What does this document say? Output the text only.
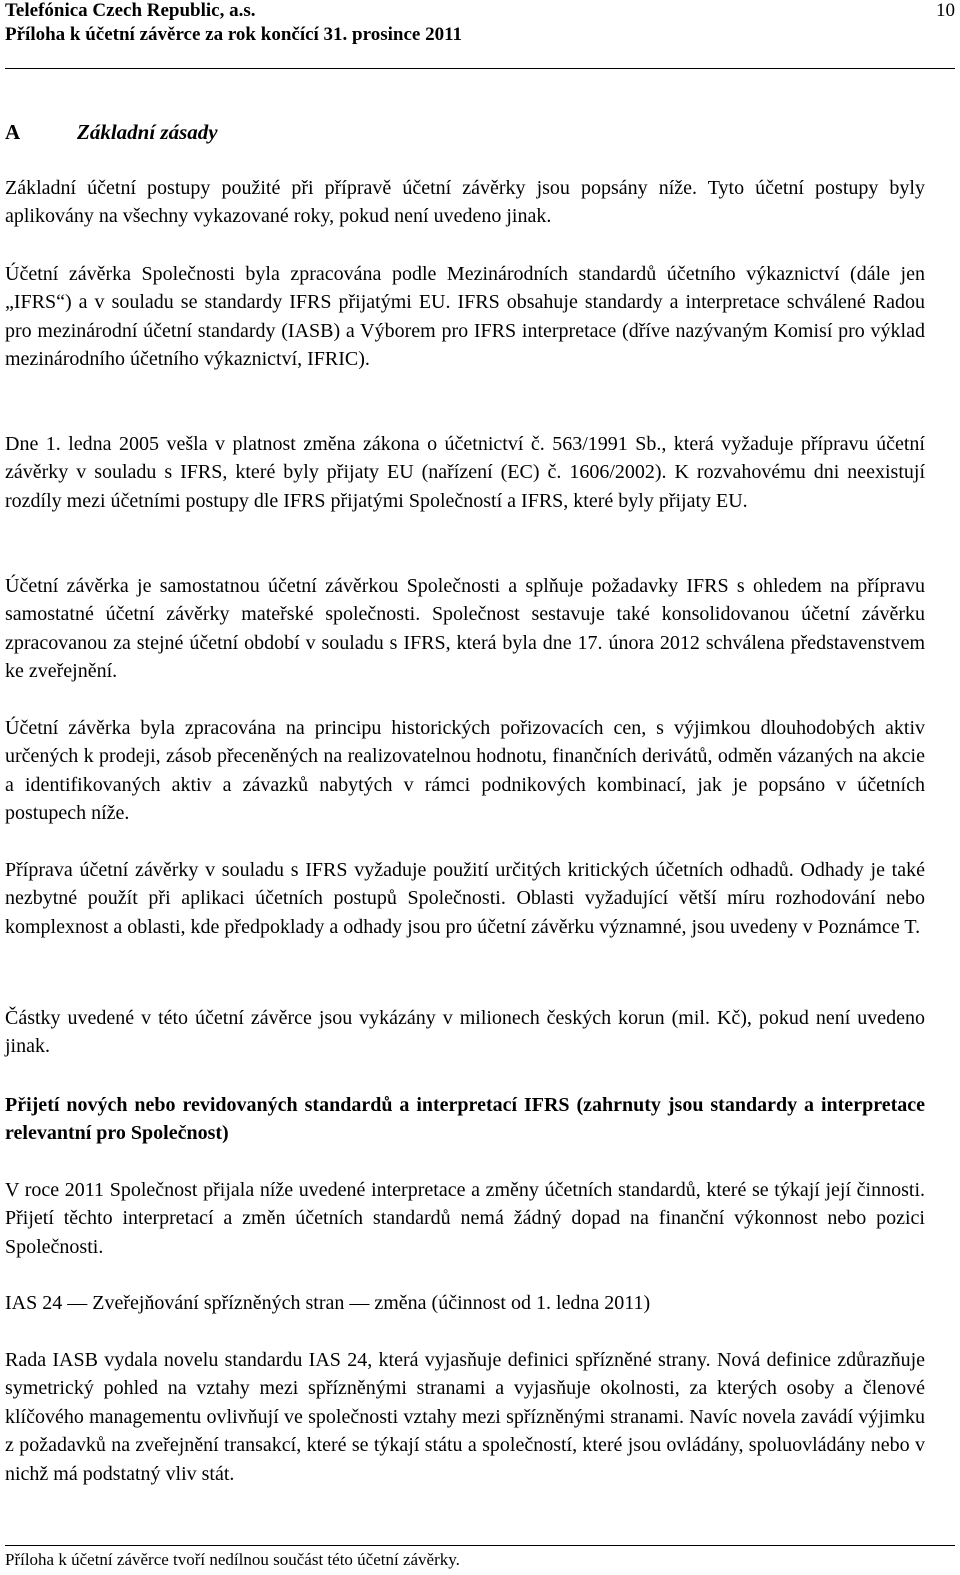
Telefónica Czech Republic, a.s.
Příloha k účetní závěrce za rok končící 31. prosince 2011
10
A	Základní zásady

Základní účetní postupy použité při přípravě účetní závěrky jsou popsány níže. Tyto účetní postupy byly aplikovány na všechny vykazované roky, pokud není uvedeno jinak.

Účetní závěrka Společnosti byla zpracována podle Mezinárodních standardů účetního výkaznictví (dále jen „IFRS“) a v souladu se standardy IFRS přijatými EU. IFRS obsahuje standardy a interpretace schválené Radou pro mezinárodní účetní standardy (IASB) a Výborem pro IFRS interpretace (dříve nazývaným Komisí pro výklad mezinárodního účetního výkaznictví, IFRIC).

Dne 1. ledna 2005 vešla v platnost změna zákona o účetnictví č. 563/1991 Sb., která vyžaduje přípravu účetní závěrky v souladu s IFRS, které byly přijaty EU (nařízení (EC) č. 1606/2002). K rozvahovému dni neexistují rozdíly mezi účetními postupy dle IFRS přijatými Společností a IFRS, které byly přijaty EU.

Účetní závěrka je samostatnou účetní závěrkou Společnosti a splňuje požadavky IFRS s ohledem na přípravu samostatné účetní závěrky mateřské společnosti. Společnost sestavuje také konsolidovanou účetní závěrku zpracovanou za stejné účetní období v souladu s IFRS, která byla dne 17. února 2012 schválena představenstvem ke zveřejnění.

Účetní závěrka byla zpracována na principu historických pořizovacích cen, s výjimkou dlouhodobých aktiv určených k prodeji, zásob přeceněných na realizovatelnou hodnotu, finančních derivátů, odměn vázaných na akcie a identifikovaných aktiv a závazků nabytých v rámci podnikových kombinací, jak je popsáno v účetních postupech níže.

Příprava účetní závěrky v souladu s IFRS vyžaduje použití určitých kritických účetních odhadů. Odhady je také nezbytné použít při aplikaci účetních postupů Společnosti. Oblasti vyžadující větší míru rozhodování nebo komplexnost a oblasti, kde předpoklady a odhady jsou pro účetní závěrku významné, jsou uvedeny v Poznámce T.

Částky uvedené v této účetní závěrce jsou vykázány v milionech českých korun (mil. Kč), pokud není uvedeno jinak.

Přijetí nových nebo revidovaných standardů a interpretací IFRS (zahrnuty jsou standardy a interpretace relevantní pro Společnost)

V roce 2011 Společnost přijala níže uvedené interpretace a změny účetních standardů, které se týkají její činnosti. Přijetí těchto interpretací a změn účetních standardů nemá žádný dopad na finanční výkonnost nebo pozici Společnosti.

IAS 24 — Zveřejňování spřízněných stran — změna (účinnost od 1. ledna 2011)

Rada IASB vydala novelu standardu IAS 24, která vyjasňuje definici spřízněné strany. Nová definice zdůrazňuje symetrický pohled na vztahy mezi spřízněnými stranami a vyjasňuje okolnosti, za kterých osoby a členové klíčového managementu ovlivňují ve společnosti vztahy mezi spřízněnými stranami. Navíc novela zavádí výjimku z požadavků na zveřejnění transakcí, které se týkají státu a společností, které jsou ovládány, spoluovládány nebo v nichž má podstatný vliv stát.

Příloha k účetní závěrce tvoří nedílnou součást této účetní závěrky.
